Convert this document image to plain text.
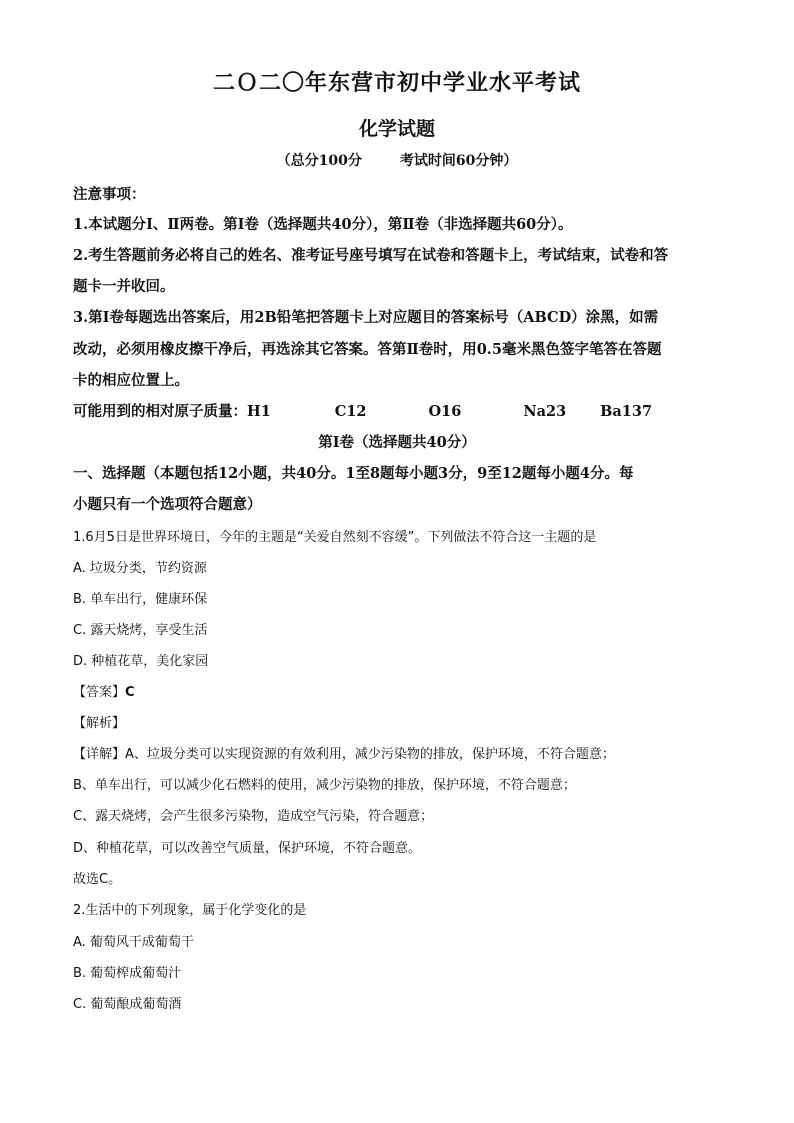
二Ｏ二〇年东营市初中学业水平考试
化学试题
（总分100分	考试时间60分钟）
注意事项：
1.本试题分Ⅰ、Ⅱ两卷。第Ⅰ卷（选择题共40分），第Ⅱ卷（非选择题共60分）。
2.考生答题前务必将自己的姓名、准考证号座号填写在试卷和答题卡上，考试结束，试卷和答
题卡一并收回。
3.第Ⅰ卷每题选出答案后，用2B铅笔把答题卡上对应题目的答案标号（ABCD）涂黑，如需
改动，必须用橡皮擦干净后，再选涂其它答案。答第Ⅱ卷时，用0.5毫米黑色签字笔答在答题
卡的相应位置上。
可能用到的相对原子质量：H1	C12	O16	Na23 Ba137
第Ⅰ卷（选择题共40分）
一、选择题（本题包括12小题，共40分。1至8题每小题3分，9至12题每小题4分。每
小题只有一个选项符合题意）
1.6月5日是世界环境日，今年的主题是“关爱自然刻不容缓”。下列做法不符合这一主题的是
A. 垃圾分类，节约资源
B. 单车出行，健康环保
C. 露天烧烤，享受生活
D. 种植花草，美化家园
【答案】C
【解析】
【详解】A、垃圾分类可以实现资源的有效利用，减少污染物的排放，保护环境，不符合题意；
B、单车出行，可以减少化石燃料的使用，减少污染物的排放，保护环境，不符合题意；
C、露天烧烤，会产生很多污染物，造成空气污染，符合题意；
D、种植花草，可以改善空气质量，保护环境，不符合题意。
故选C。
2.生活中的下列现象，属于化学变化的是
A. 葡萄风干成葡萄干
B. 葡萄榨成葡萄汁
C. 葡萄酿成葡萄酒
